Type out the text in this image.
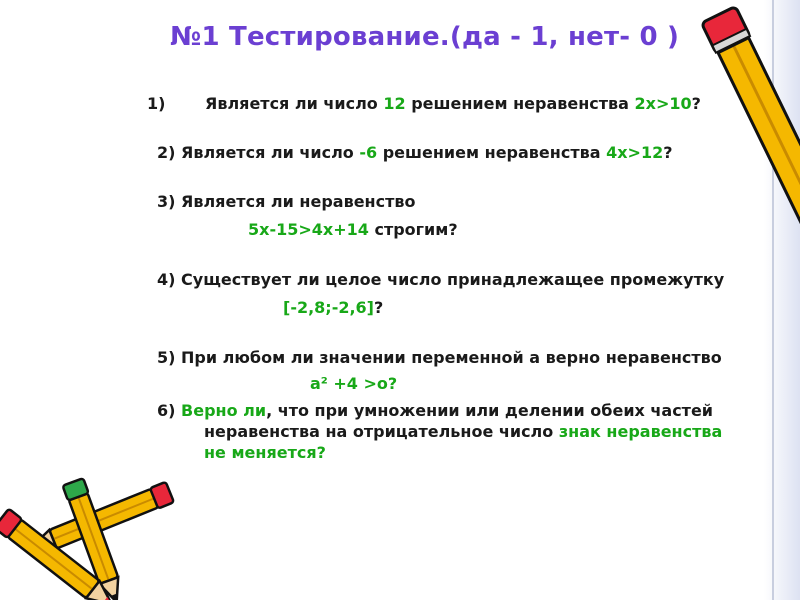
№1 Тестирование.(да - 1, нет- 0 )
1) Является ли число 12 решением неравенства 2x>10?
2) Является ли число -6 решением неравенства 4x>12?
3) Является ли неравенство
5x-15>4x+14 строгим?
4) Существует ли целое число принадлежащее промежутку
[-2,8;-2,6]?
5) При любом ли значении переменной а верно неравенство
a² +4 >o?
6) Верно ли, что при умножении или делении обеих частей
неравенства на отрицательное число знак неравенства
не меняется?
